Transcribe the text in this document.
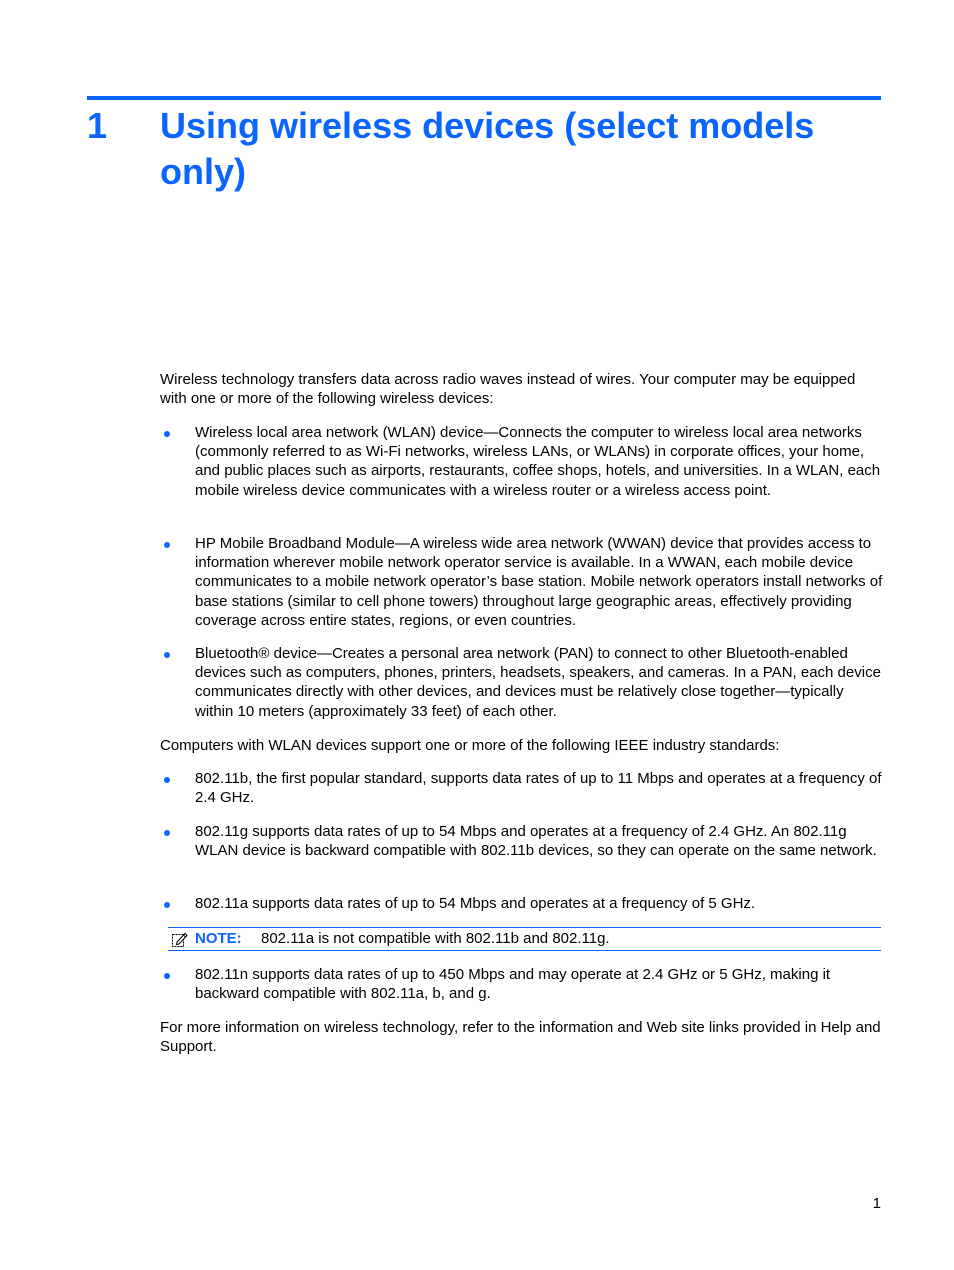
1 Using wireless devices (select models only)
Wireless technology transfers data across radio waves instead of wires. Your computer may be equipped with one or more of the following wireless devices:
Wireless local area network (WLAN) device—Connects the computer to wireless local area networks (commonly referred to as Wi-Fi networks, wireless LANs, or WLANs) in corporate offices, your home, and public places such as airports, restaurants, coffee shops, hotels, and universities. In a WLAN, each mobile wireless device communicates with a wireless router or a wireless access point.
HP Mobile Broadband Module—A wireless wide area network (WWAN) device that provides access to information wherever mobile network operator service is available. In a WWAN, each mobile device communicates to a mobile network operator’s base station. Mobile network operators install networks of base stations (similar to cell phone towers) throughout large geographic areas, effectively providing coverage across entire states, regions, or even countries.
Bluetooth® device—Creates a personal area network (PAN) to connect to other Bluetooth-enabled devices such as computers, phones, printers, headsets, speakers, and cameras. In a PAN, each device communicates directly with other devices, and devices must be relatively close together—typically within 10 meters (approximately 33 feet) of each other.
Computers with WLAN devices support one or more of the following IEEE industry standards:
802.11b, the first popular standard, supports data rates of up to 11 Mbps and operates at a frequency of 2.4 GHz.
802.11g supports data rates of up to 54 Mbps and operates at a frequency of 2.4 GHz. An 802.11g WLAN device is backward compatible with 802.11b devices, so they can operate on the same network.
802.11a supports data rates of up to 54 Mbps and operates at a frequency of 5 GHz.
NOTE: 802.11a is not compatible with 802.11b and 802.11g.
802.11n supports data rates of up to 450 Mbps and may operate at 2.4 GHz or 5 GHz, making it backward compatible with 802.11a, b, and g.
For more information on wireless technology, refer to the information and Web site links provided in Help and Support.
1
